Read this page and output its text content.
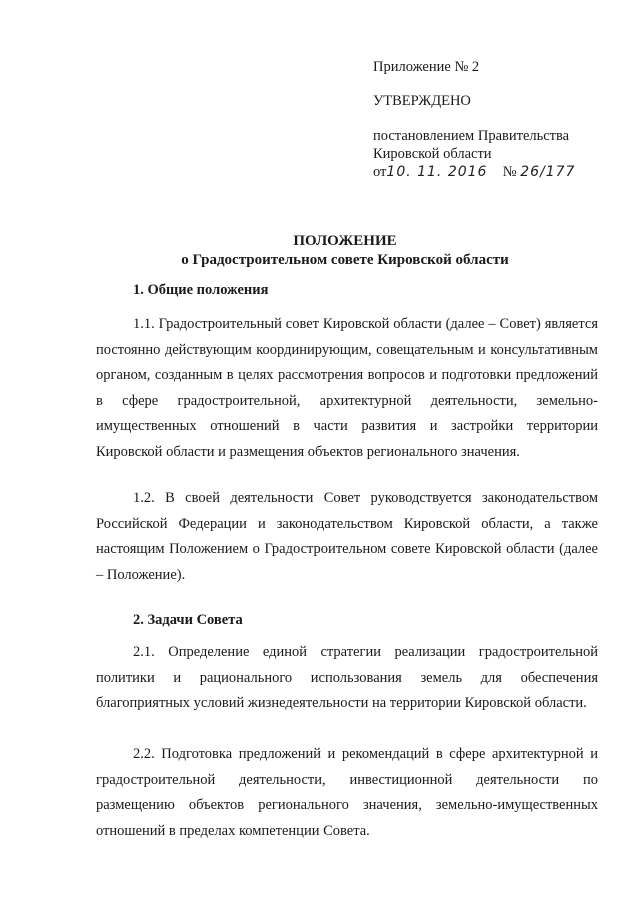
Приложение № 2
УТВЕРЖДЕНО
постановлением Правительства
Кировской области
от10. 11. 2016 № 26/177
ПОЛОЖЕНИЕ
о Градостроительном совете Кировской области
1. Общие положения

1.1. Градостроительный совет Кировской области (далее – Совет) является постоянно действующим координирующим, совещательным и консультативным органом, созданным в целях рассмотрения вопросов и подготовки предложений в сфере градостроительной, архитектурной деятельности, земельно-имущественных отношений в части развития и застройки территории Кировской области и размещения объектов регионального значения.

1.2. В своей деятельности Совет руководствуется законодательством Российской Федерации и законодательством Кировской области, а также настоящим Положением о Градостроительном совете Кировской области (далее – Положение).

2. Задачи Совета

2.1. Определение единой стратегии реализации градостроительной политики и рационального использования земель для обеспечения благоприятных условий жизнедеятельности на территории Кировской области.

2.2. Подготовка предложений и рекомендаций в сфере архитектурной и градостроительной деятельности, инвестиционной деятельности по размещению объектов регионального значения, земельно-имущественных отношений в пределах компетенции Совета.
